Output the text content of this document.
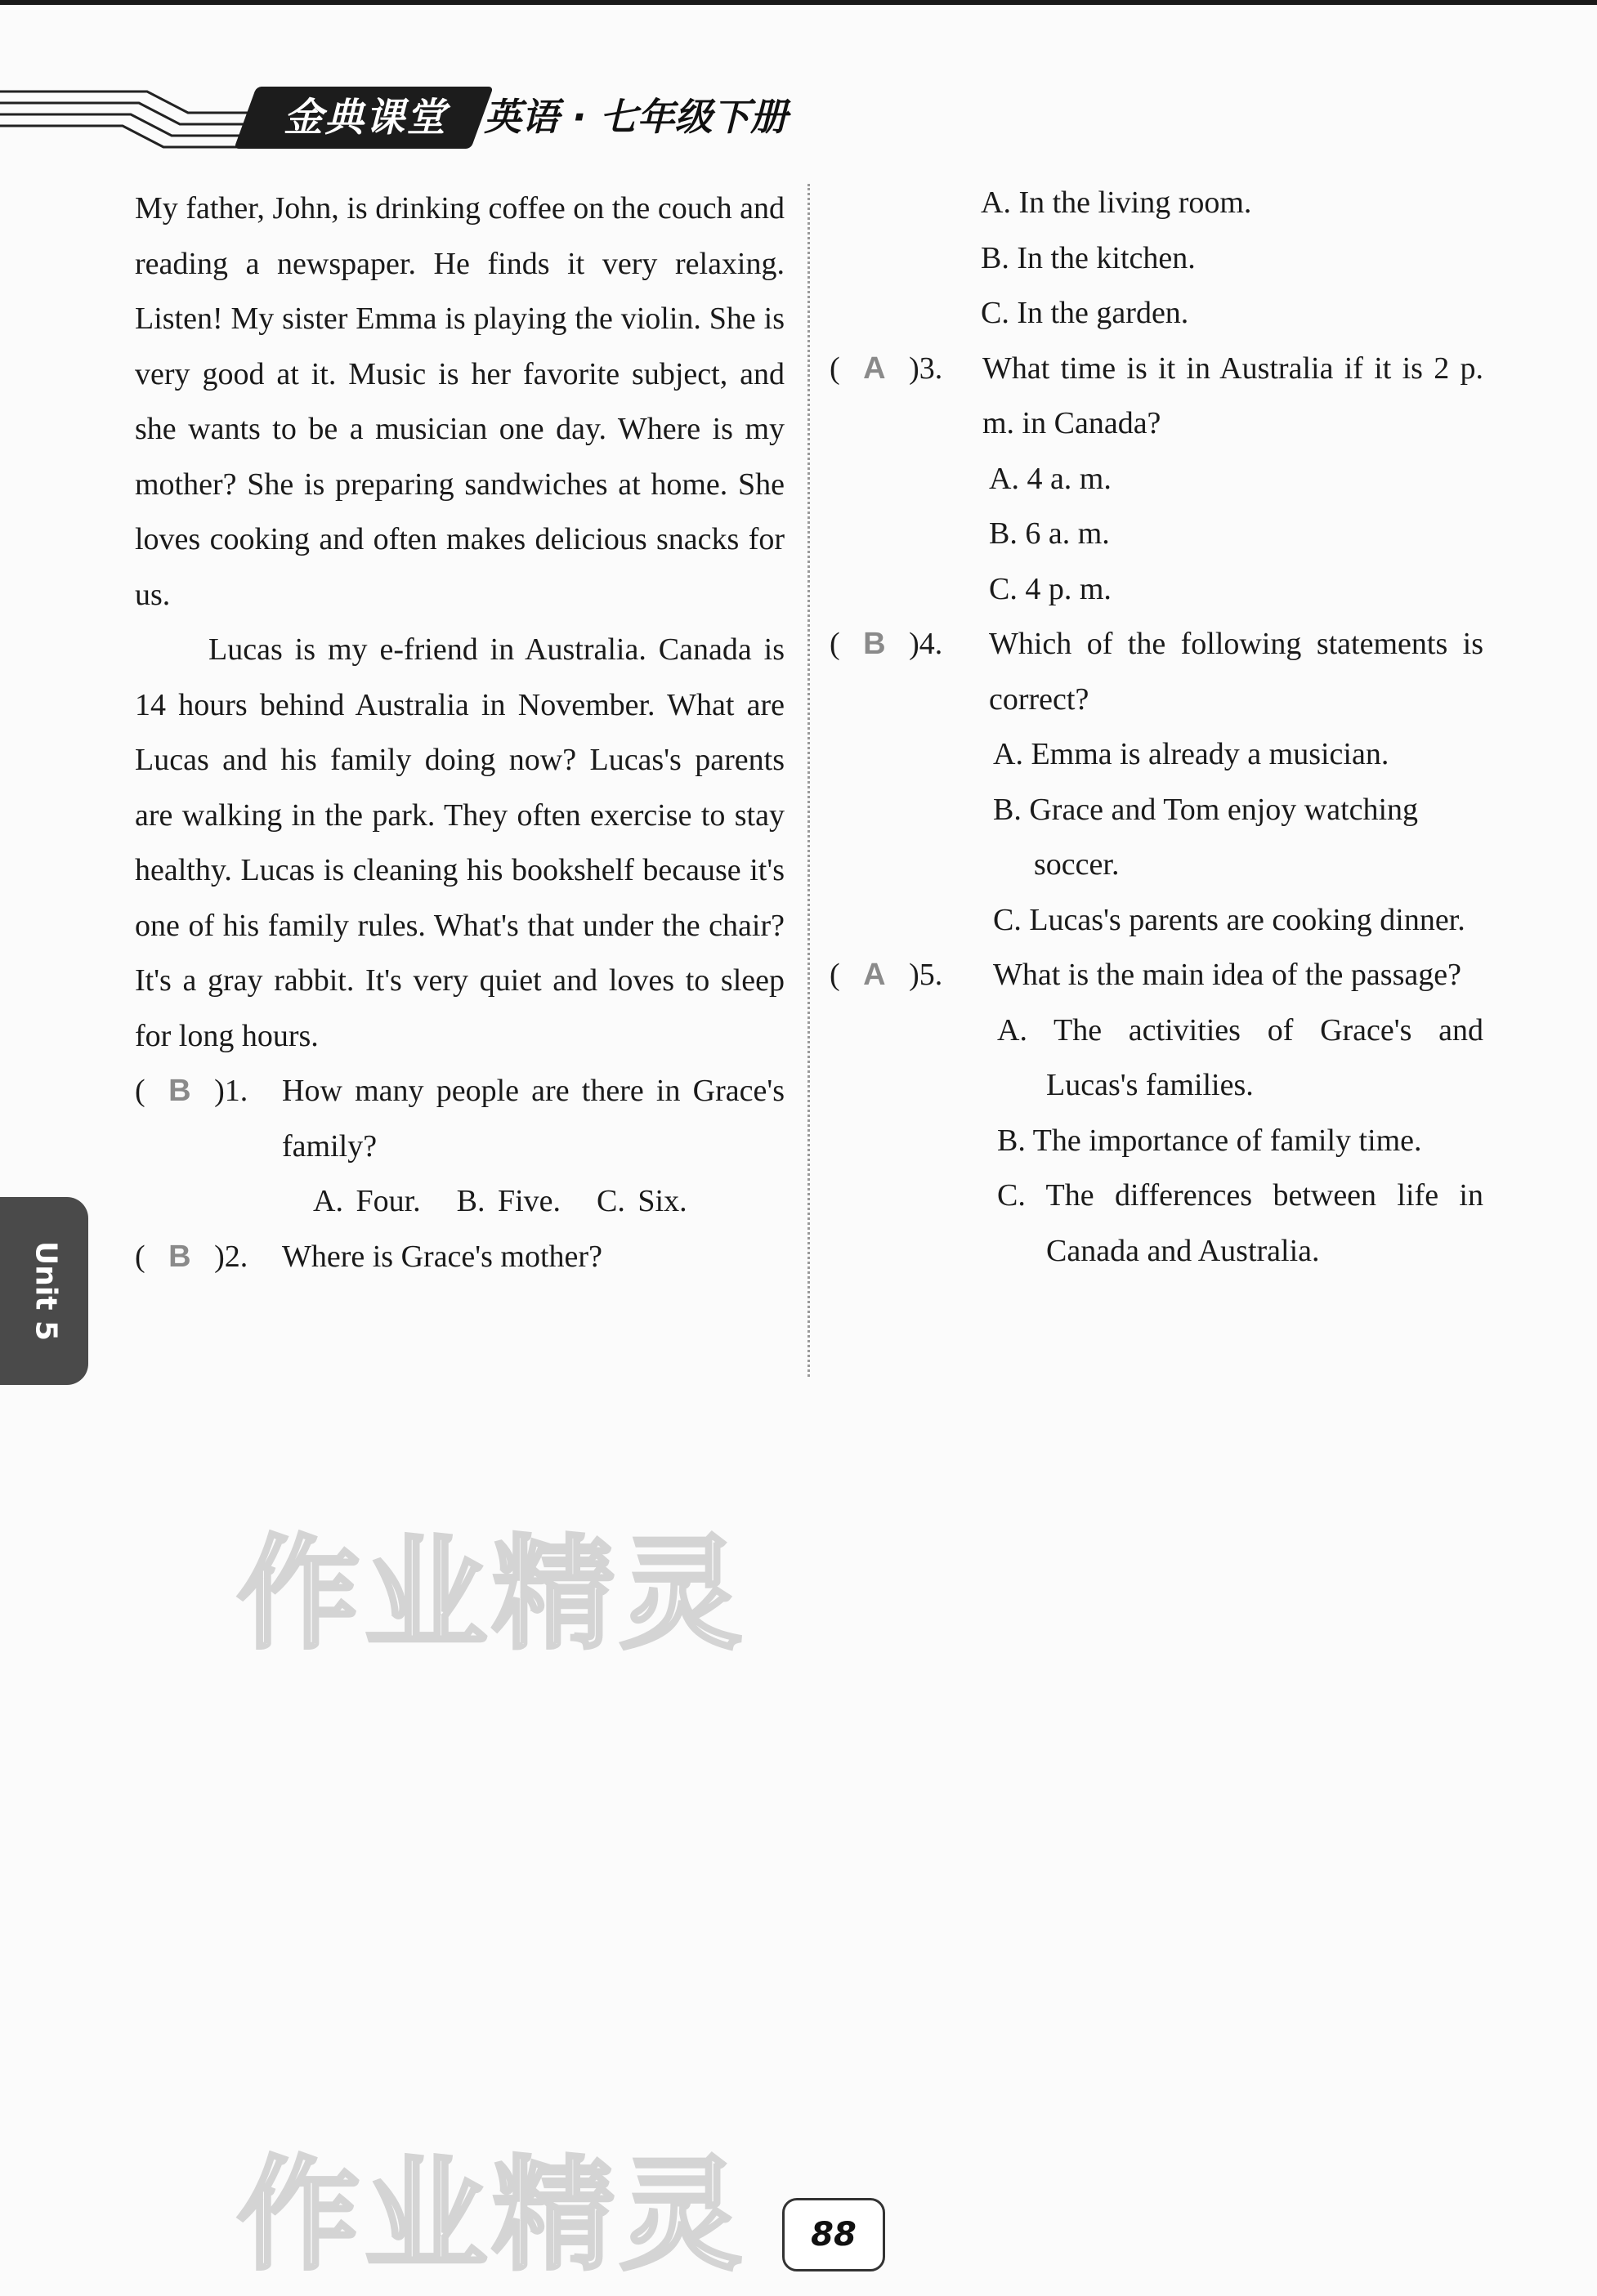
金典课堂 英语 · 七年级下册

My father, John, is drinking coffee on the couch and reading a newspaper. He finds it very relaxing. Listen! My sister Emma is playing the violin. She is very good at it. Music is her favorite subject, and she wants to be a musician one day. Where is my mother? She is preparing sandwiches at home. She loves cooking and often makes delicious snacks for us.

Lucas is my e-friend in Australia. Canada is 14 hours behind Australia in November. What are Lucas and his family doing now? Lucas's parents are walking in the park. They often exercise to stay healthy. Lucas is cleaning his bookshelf because it's one of his family rules. What's that under the chair? It's a gray rabbit. It's very quiet and loves to sleep for long hours.

(   B   )1.	How many people are there in Grace's family?
A. Four. B. Five. C. Six.
(   B   )2.	Where is Grace's mother?
A. In the living room.
B. In the kitchen.
C. In the garden.
(   A   )3.	What time is it in Australia if it is 2 p. m. in Canada?
A. 4 a. m.
B. 6 a. m.
C. 4 p. m.
(   B   )4.	Which of the following statements is correct?
A. Emma is already a musician.
B. Grace and Tom enjoy watching soccer.
C. Lucas's parents are cooking dinner.
(   A   )5.	What is the main idea of the passage?
A. The activities of Grace's and Lucas's families.
B. The importance of family time.
C. The differences between life in Canada and Australia.
Unit 5
作业精灵
作业精灵	88
